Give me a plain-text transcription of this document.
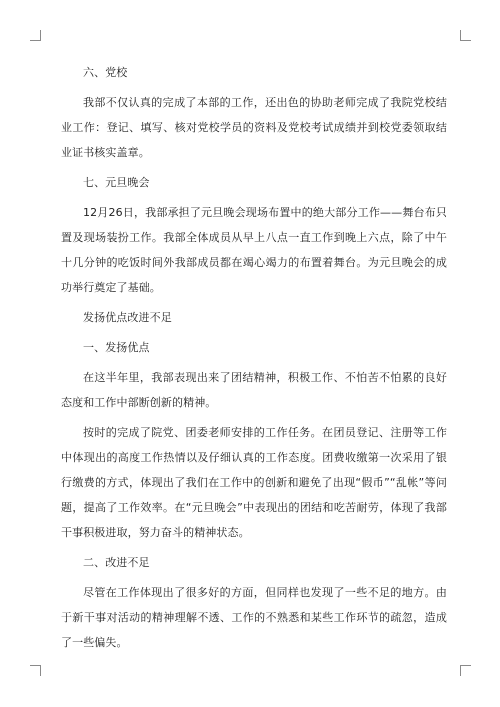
六、党校

我部不仅认真的完成了本部的工作，还出色的协助老师完成了我院党校结业工作：登记、填写、核对党校学员的资料及党校考试成绩并到校党委领取结业证书核实盖章。

七、元旦晚会

12月26日，我部承担了元旦晚会现场布置中的绝大部分工作——舞台布只置及现场装扮工作。我部全体成员从早上八点一直工作到晚上六点，除了中午十几分钟的吃饭时间外我部成员都在竭心竭力的布置着舞台。为元旦晚会的成功举行奠定了基础。

发扬优点改进不足

一、发扬优点

在这半年里，我部表现出来了团结精神，积极工作、不怕苦不怕累的良好态度和工作中部断创新的精神。

按时的完成了院党、团委老师安排的工作任务。在团员登记、注册等工作中体现出的高度工作热情以及仔细认真的工作态度。团费收缴第一次采用了银行缴费的方式，体现出了我们在工作中的创新和避免了出现“假币”“乱帐”等问题，提高了工作效率。在“元旦晚会”中表现出的团结和吃苦耐劳，体现了我部干事积极进取，努力奋斗的精神状态。

二、改进不足

尽管在工作体现出了很多好的方面，但同样也发现了一些不足的地方。由于新干事对活动的精神理解不透、工作的不熟悉和某些工作环节的疏忽，造成了一些偏失。
